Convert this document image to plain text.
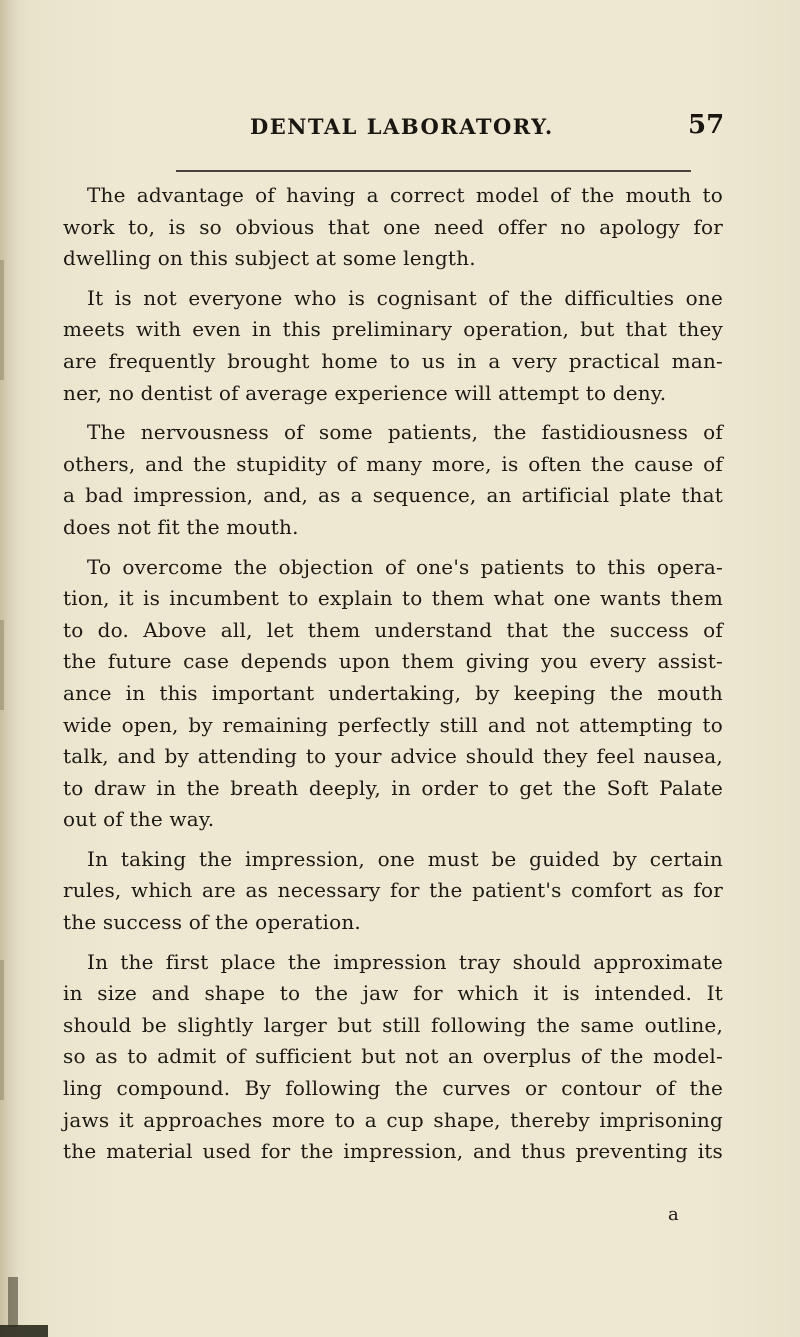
DENTAL LABORATORY.	57
The advantage of having a correct model of the mouth to
work to, is so obvious that one need offer no apology for
dwelling on this subject at some length.
It is not everyone who is cognisant of the difficulties one
meets with even in this preliminary operation, but that they
are frequently brought home to us in a very practical man-
ner, no dentist of average experience will attempt to deny.
The nervousness of some patients, the fastidiousness of
others, and the stupidity of many more, is often the cause of
a bad impression, and, as a sequence, an artificial plate that
does not fit the mouth.
To overcome the objection of one's patients to this opera-
tion, it is incumbent to explain to them what one wants them
to do. Above all, let them understand that the success of
the future case depends upon them giving you every assist-
ance in this important undertaking, by keeping the mouth
wide open, by remaining perfectly still and not attempting to
talk, and by attending to your advice should they feel nausea,
to draw in the breath deeply, in order to get the Soft Palate
out of the way.
In taking the impression, one must be guided by certain
rules, which are as necessary for the patient's comfort as for
the success of the operation.
In the first place the impression tray should approximate
in size and shape to the jaw for which it is intended. It
should be slightly larger but still following the same outline,
so as to admit of sufficient but not an overplus of the model-
ling compound. By following the curves or contour of the
jaws it approaches more to a cup shape, thereby imprisoning
the material used for the impression, and thus preventing its
a
